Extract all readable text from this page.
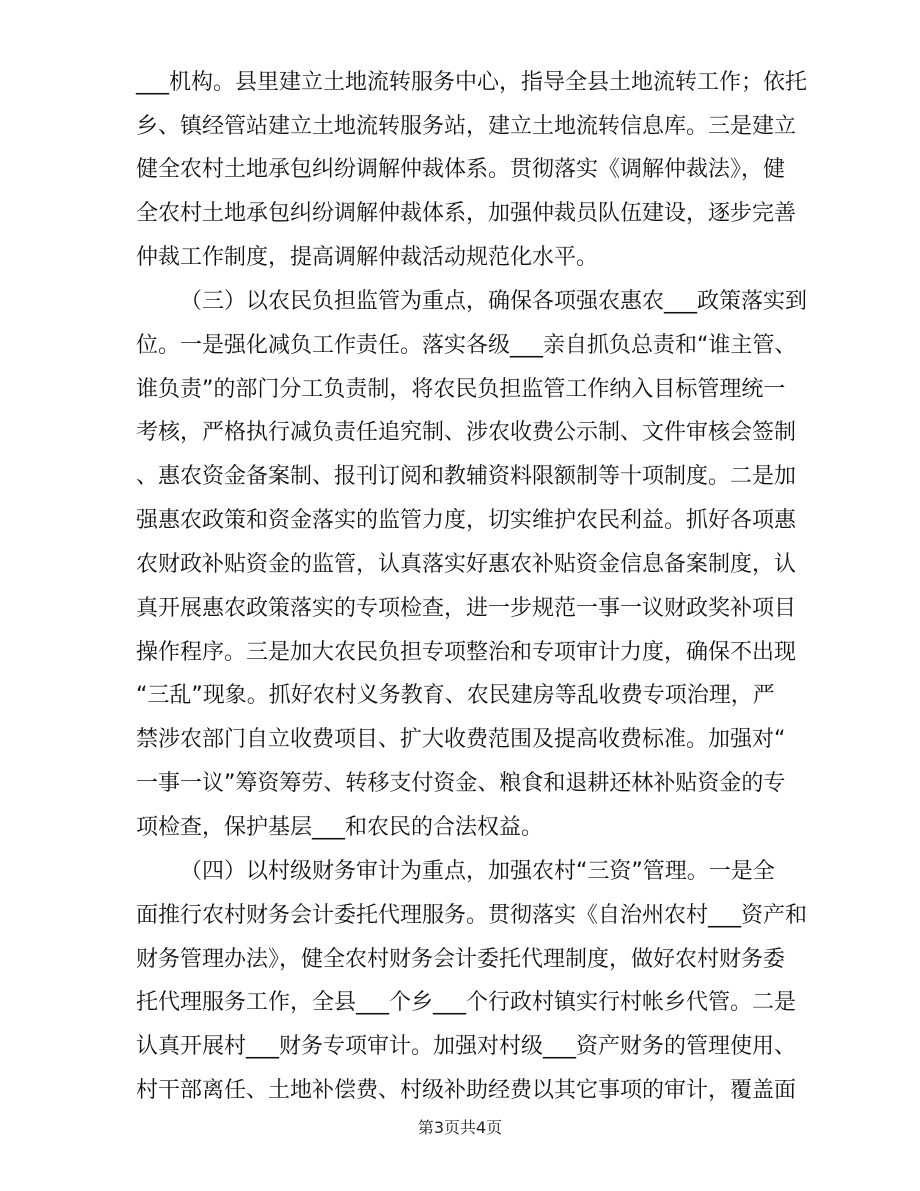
___机构。县里建立土地流转服务中心，指导全县土地流转工作；依托
乡、镇经管站建立土地流转服务站，建立土地流转信息库。三是建立
健全农村土地承包纠纷调解仲裁体系。贯彻落实《调解仲裁法》，健
全农村土地承包纠纷调解仲裁体系，加强仲裁员队伍建设，逐步完善
仲裁工作制度，提高调解仲裁活动规范化水平。
（三）以农民负担监管为重点，确保各项强农惠农___政策落实到
位。一是强化减负工作责任。落实各级___亲自抓负总责和“谁主管、
谁负责”的部门分工负责制，将农民负担监管工作纳入目标管理统一
考核，严格执行减负责任追究制、涉农收费公示制、文件审核会签制
、惠农资金备案制、报刊订阅和教辅资料限额制等十项制度。二是加
强惠农政策和资金落实的监管力度，切实维护农民利益。抓好各项惠
农财政补贴资金的监管，认真落实好惠农补贴资金信息备案制度，认
真开展惠农政策落实的专项检查，进一步规范一事一议财政奖补项目
操作程序。三是加大农民负担专项整治和专项审计力度，确保不出现
“三乱”现象。抓好农村义务教育、农民建房等乱收费专项治理，严
禁涉农部门自立收费项目、扩大收费范围及提高收费标准。加强对“
一事一议”筹资筹劳、转移支付资金、粮食和退耕还林补贴资金的专
项检查，保护基层___和农民的合法权益。
（四）以村级财务审计为重点，加强农村“三资”管理。一是全
面推行农村财务会计委托代理服务。贯彻落实《自治州农村___资产和
财务管理办法》，健全农村财务会计委托代理制度，做好农村财务委
托代理服务工作，全县___个乡___个行政村镇实行村帐乡代管。二是
认真开展村___财务专项审计。加强对村级___资产财务的管理使用、
第3页共4页
村干部离任、土地补偿费、村级补助经费以其它事项的审计，覆盖面
